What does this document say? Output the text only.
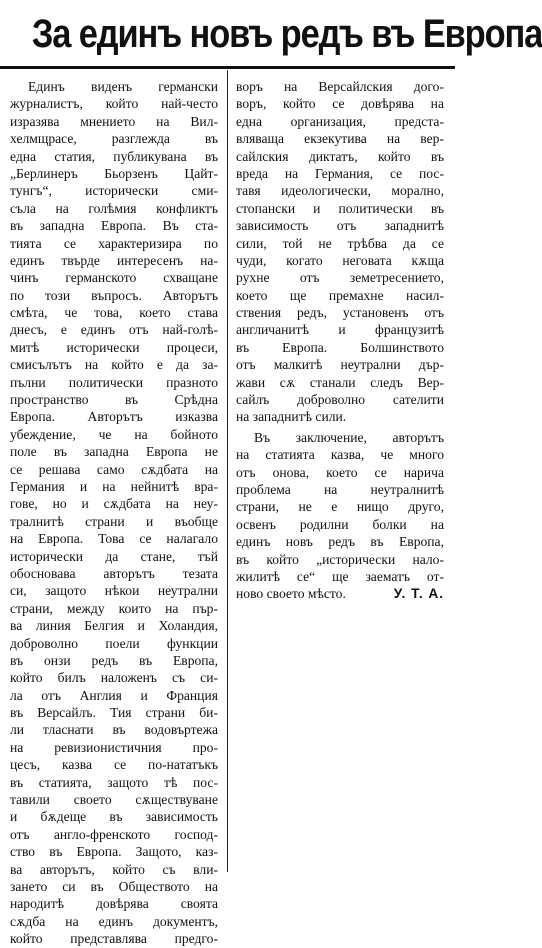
За единъ новъ редъ въ Европа
Единъ виденъ германски
журналистъ, който най-често
изразява мнението на Вил-
хелмщрасе, разглежда въ
една статия, публикувана въ
„Берлинеръ Бьорзенъ Цайт-
тунгъ“, исторически сми-
съла на голѣмия конфликтъ
въ западна Европа. Въ ста-
тията се характеризира по
единъ твърде интересенъ на-
чинъ германското схващане
по този въпросъ. Авторътъ
смѣта, че това, което става
днесъ, е единъ отъ най-голѣ-
митѣ исторически процеси,
смисълътъ на който е да за-
пълни политически празното
пространство въ Срѣдна
Европа. Авторътъ изказва
убеждение, че на бойното
поле въ западна Европа не
се решава само сѫдбата на
Германия и на нейнитѣ вра-
гове, но и сѫдбата на неу-
тралнитѣ страни и въобще
на Европа. Това се налагало
исторически да стане, тъй
обосновава авторътъ тезата
си, защото нѣкои неутрални
страни, между които на пър-
ва линия Белгия и Холандия,
доброволно поели функции
въ онзи редъ въ Европа,
който билъ наложенъ съ си-
ла отъ Англия и Франция
въ Версайлъ. Тия страни би-
ли тласнати въ водовъртежа
на ревизионистичния про-
цесъ, казва се по-нататъкъ
въ статията, защото тѣ пос-
тавили своето сѫществуване
и бѫдеще въ зависимость
отъ англо-френското господ-
ство въ Европа. Защото, каз-
ва авторътъ, който съ вли-
зането си въ Обществото на
народитѣ довѣрява своята
сѫдба на единъ документъ,
който представлява предго-
воръ на Версайлския дого-
воръ, който се довѣрява на
една организация, предста-
вляваща екзекутива на вер-
сайлския диктатъ, който въ
вреда на Германия, се пос-
тавя идеологически, морално,
стопански и политически въ
зависимость отъ западнитѣ
сили, той не трѣбва да се
чуди, когато неговата кѫща
рухне отъ земетресението,
което ще премахне насил-
ствения редъ, установенъ отъ
англичанитѣ и французитѣ
въ Европа. Болшинството
отъ малкитѣ неутрални дър-
жави сѫ станали следъ Вер-
сайлъ доброволно сателити
на западнитѣ сили.
Въ заключение, авторътъ
на статията казва, че много
отъ онова, което се нарича
проблема на неутралнитѣ
страни, не е нищо друго,
освенъ родилни болки на
единъ новъ редъ въ Европа,
въ който „исторически нало-
жилитѣ се“ ще заематъ от-
ново своето мѣсто.	У. Т. А.
